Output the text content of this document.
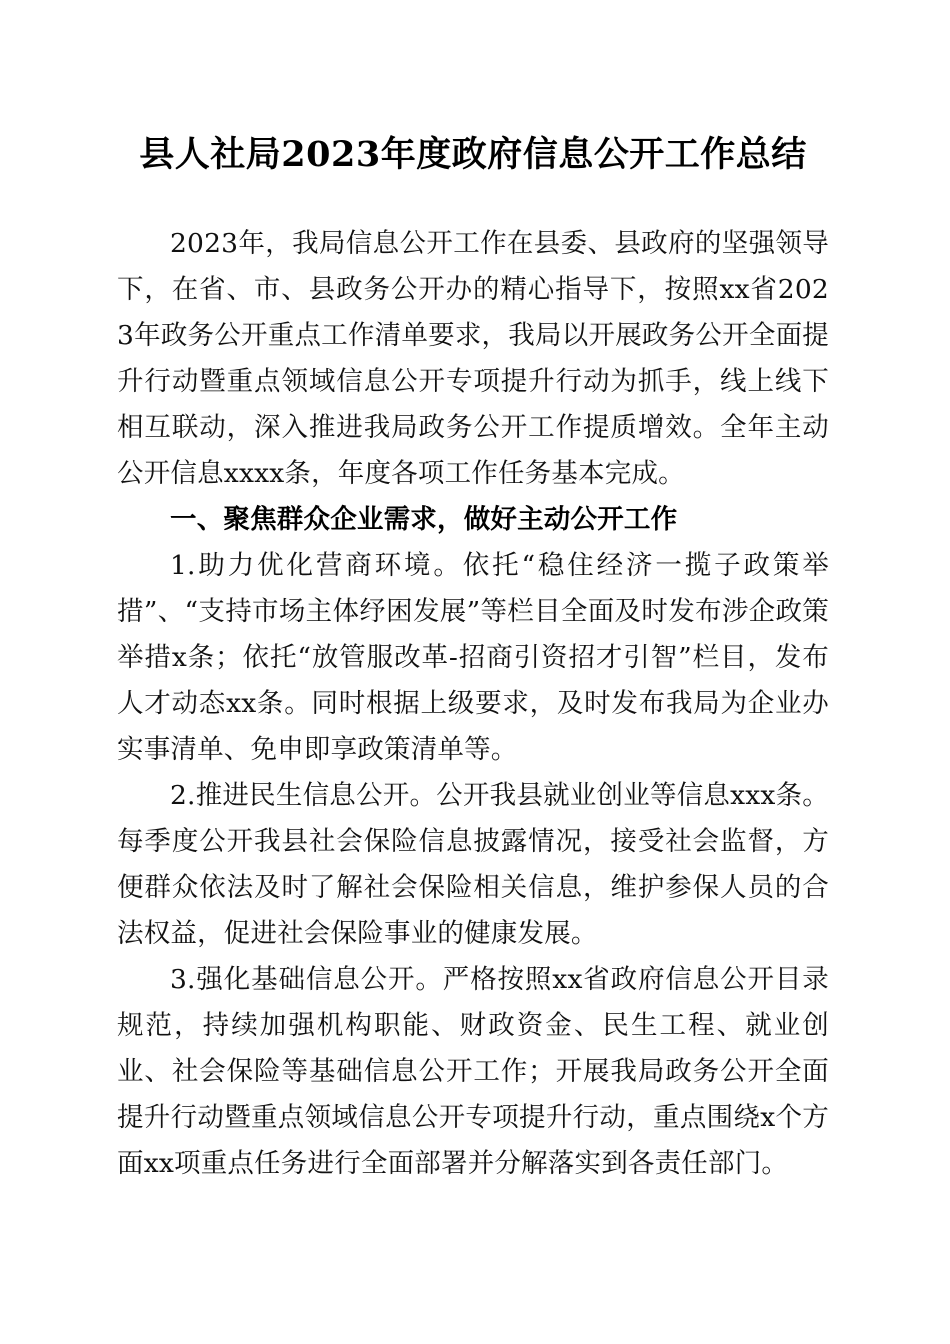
县人社局2023年度政府信息公开工作总结

2023年，我局信息公开工作在县委、县政府的坚强领导下，在省、市、县政务公开办的精心指导下，按照xx省2023年政务公开重点工作清单要求，我局以开展政务公开全面提升行动暨重点领域信息公开专项提升行动为抓手，线上线下相互联动，深入推进我局政务公开工作提质增效。全年主动公开信息xxxx条，年度各项工作任务基本完成。

一、聚焦群众企业需求，做好主动公开工作

1.助力优化营商环境。依托“稳住经济一揽子政策举措”、“支持市场主体纾困发展”等栏目全面及时发布涉企政策举措x条；依托“放管服改革-招商引资招才引智”栏目，发布人才动态xx条。同时根据上级要求，及时发布我局为企业办实事清单、免申即享政策清单等。

2.推进民生信息公开。公开我县就业创业等信息xxx条。每季度公开我县社会保险信息披露情况，接受社会监督，方便群众依法及时了解社会保险相关信息，维护参保人员的合法权益，促进社会保险事业的健康发展。

3.强化基础信息公开。严格按照xx省政府信息公开目录规范，持续加强机构职能、财政资金、民生工程、就业创业、社会保险等基础信息公开工作；开展我局政务公开全面提升行动暨重点领域信息公开专项提升行动，重点围绕x个方面xx项重点任务进行全面部署并分解落实到各责任部门。
